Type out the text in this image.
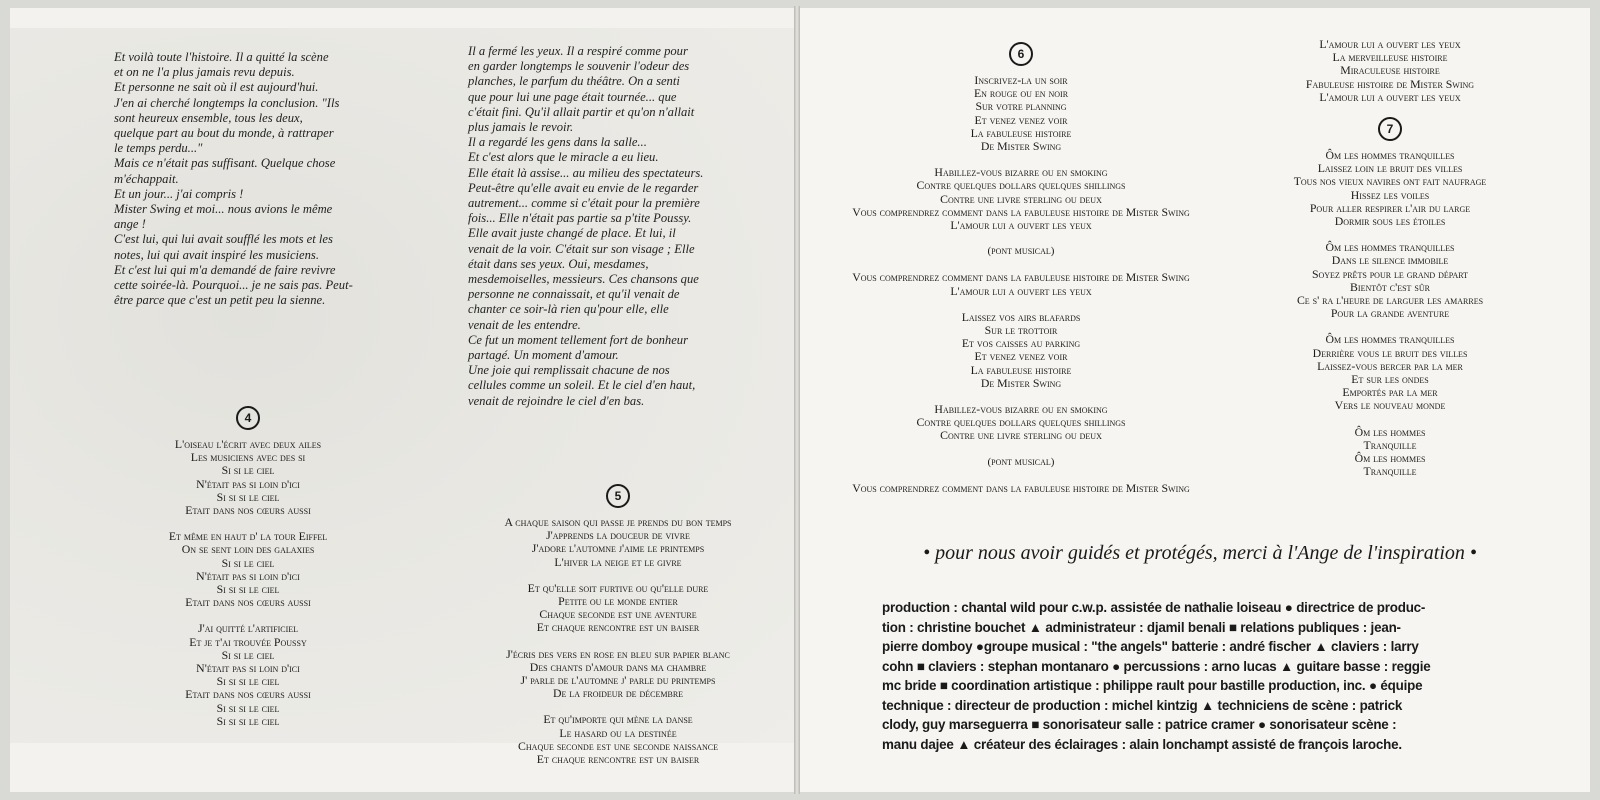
Et voilà toute l'histoire. Il a quitté la scène

et on ne l'a plus jamais revu depuis.

Et personne ne sait où il est aujourd'hui.

J'en ai cherché longtemps la conclusion. "Ils

sont heureux ensemble, tous les deux,

quelque part au bout du monde, à rattraper

le temps perdu..."

Mais ce n'était pas suffisant. Quelque chose

m'échappait.

Et un jour... j'ai compris !

Mister Swing et moi... nous avions le même

ange !

C'est lui, qui lui avait soufflé les mots et les

notes, lui qui avait inspiré les musiciens.

Et c'est lui qui m'a demandé de faire revivre

cette soirée-là. Pourquoi... je ne sais pas. Peut-

être parce que c'est un petit peu la sienne.

Il a fermé les yeux. Il a respiré comme pour

en garder longtemps le souvenir l'odeur des

planches, le parfum du théâtre. On a senti

que pour lui une page était tournée... que

c'était fini. Qu'il allait partir et qu'on n'allait

plus jamais le revoir.

Il a regardé les gens dans la salle...

Et c'est alors que le miracle a eu lieu.

Elle était là assise... au milieu des spectateurs.

Peut-être qu'elle avait eu envie de le regarder

autrement... comme si c'était pour la première

fois... Elle n'était pas partie sa p'tite Poussy.

Elle avait juste changé de place. Et lui, il

venait de la voir. C'était sur son visage ; Elle

était dans ses yeux. Oui, mesdames,

mesdemoiselles, messieurs. Ces chansons que

personne ne connaissait, et qu'il venait de

chanter ce soir-là rien qu'pour elle, elle

venait de les entendre.

Ce fut un moment tellement fort de bonheur

partagé. Un moment d'amour.

Une joie qui remplissait chacune de nos

cellules comme un soleil. Et le ciel d'en haut,

venait de rejoindre le ciel d'en bas.

4

L'oiseau l'écrit avec deux ailes

Les musiciens avec des si

Si si le ciel

N'était pas si loin d'ici

Si si si le ciel

Etait dans nos cœurs aussi

Et même en haut d' la tour Eiffel

On se sent loin des galaxies

Si si le ciel

N'était pas si loin d'ici

Si si si le ciel

Etait dans nos cœurs aussi

J'ai quitté l'artificiel

Et je t'ai trouvée Poussy

Si si le ciel

N'était pas si loin d'ici

Si si si le ciel

Etait dans nos cœurs aussi

Si si si le ciel

Si si si le ciel

5

A chaque saison qui passe je prends du bon temps

J'apprends la douceur de vivre

J'adore l'automne j'aime le printemps

L'hiver la neige et le givre

Et qu'elle soit furtive ou qu'elle dure

Petite ou le monde entier

Chaque seconde est une aventure

Et chaque rencontre est un baiser

J'écris des vers en rose en bleu sur papier blanc

Des chants d'amour dans ma chambre

J' parle de l'automne j' parle du printemps

De la froideur de décembre

Et qu'importe qui mène la danse

Le hasard ou la destinée

Chaque seconde est une seconde naissance

Et chaque rencontre est un baiser

6

Inscrivez-la un soir

En rouge ou en noir

Sur votre planning

Et venez venez voir

La fabuleuse histoire

De Mister Swing

Habillez-vous bizarre ou en smoking

Contre quelques dollars quelques shillings

Contre une livre sterling ou deux

Vous comprendrez comment dans la fabuleuse histoire de Mister Swing

L'amour lui a ouvert les yeux

(pont musical)

Vous comprendrez comment dans la fabuleuse histoire de Mister Swing

L'amour lui a ouvert les yeux

Laissez vos airs blafards

Sur le trottoir

Et vos caisses au parking

Et venez venez voir

La fabuleuse histoire

De Mister Swing

Habillez-vous bizarre ou en smoking

Contre quelques dollars quelques shillings

Contre une livre sterling ou deux

(pont musical)

Vous comprendrez comment dans la fabuleuse histoire de Mister Swing

L'amour lui a ouvert les yeux

La merveilleuse histoire

Miraculeuse histoire

Fabuleuse histoire de Mister Swing

L'amour lui a ouvert les yeux

7

Ôm les hommes tranquilles

Laissez loin le bruit des villes

Tous nos vieux navires ont fait naufrage

Hissez les voiles

Pour aller respirer l'air du large

Dormir sous les étoiles

Ôm les hommes tranquilles

Dans le silence immobile

Soyez prêts pour le grand départ

Bientôt c'est sûr

Ce s' ra l'heure de larguer les amarres

Pour la grande aventure

Ôm les hommes tranquilles

Derrière vous le bruit des villes

Laissez-vous bercer par la mer

Et sur les ondes

Emportés par la mer

Vers le nouveau monde

Ôm les hommes

Tranquille

Ôm les hommes

Tranquille

• pour nous avoir guidés et protégés, merci à l'Ange de l'inspiration •

production : chantal wild pour c.w.p. assistée de nathalie loiseau ● directrice de produc-

tion : christine bouchet ▲ administrateur : djamil benali ■ relations publiques : jean-

pierre domboy ●groupe musical : "the angels" batterie : andré fischer ▲ claviers : larry

cohn ■ claviers : stephan montanaro ● percussions : arno lucas ▲ guitare basse : reggie

mc bride ■ coordination artistique : philippe rault pour bastille production, inc. ● équipe

technique : directeur de production : michel kintzig ▲ techniciens de scène : patrick

clody, guy marseguerra ■ sonorisateur salle : patrice cramer ● sonorisateur scène :

manu dajee ▲ créateur des éclairages : alain lonchampt assisté de françois laroche.
